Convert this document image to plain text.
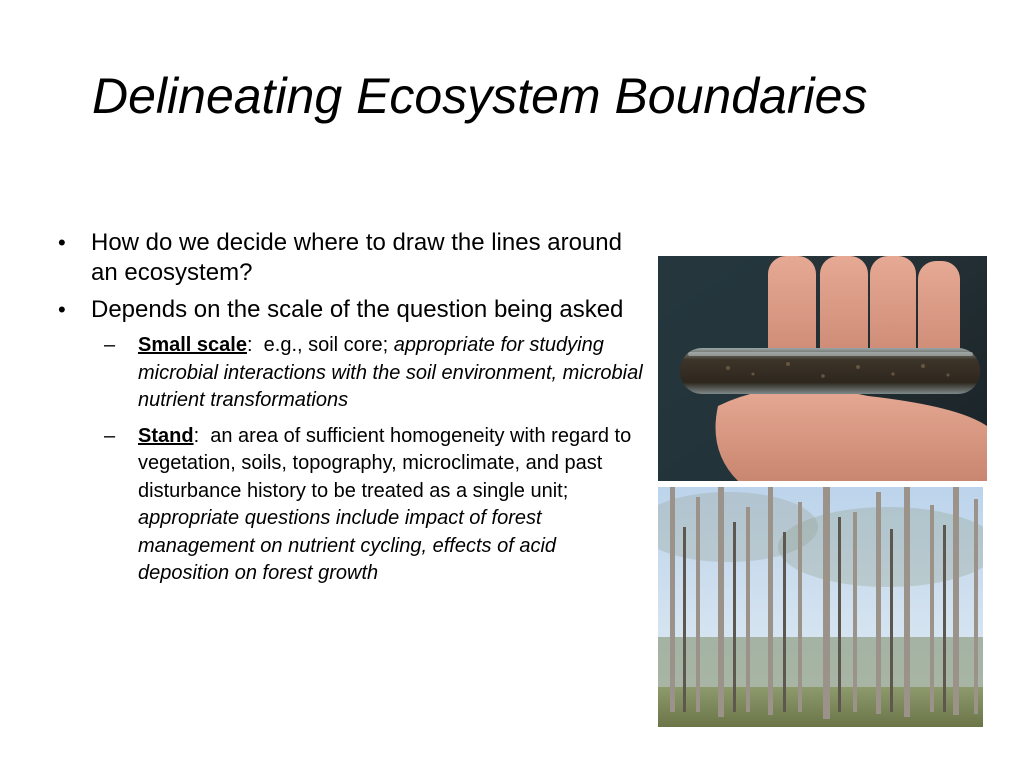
Delineating Ecosystem Boundaries
• How do we decide where to draw the lines around an ecosystem?
• Depends on the scale of the question being asked
– Small scale:  e.g., soil core; appropriate for studying microbial interactions with the soil environment, microbial nutrient transformations
– Stand:  an area of sufficient homogeneity with regard to vegetation, soils, topography, microclimate, and past disturbance history to be treated as a single unit; appropriate questions include impact of forest management on nutrient cycling, effects of acid deposition on forest growth
